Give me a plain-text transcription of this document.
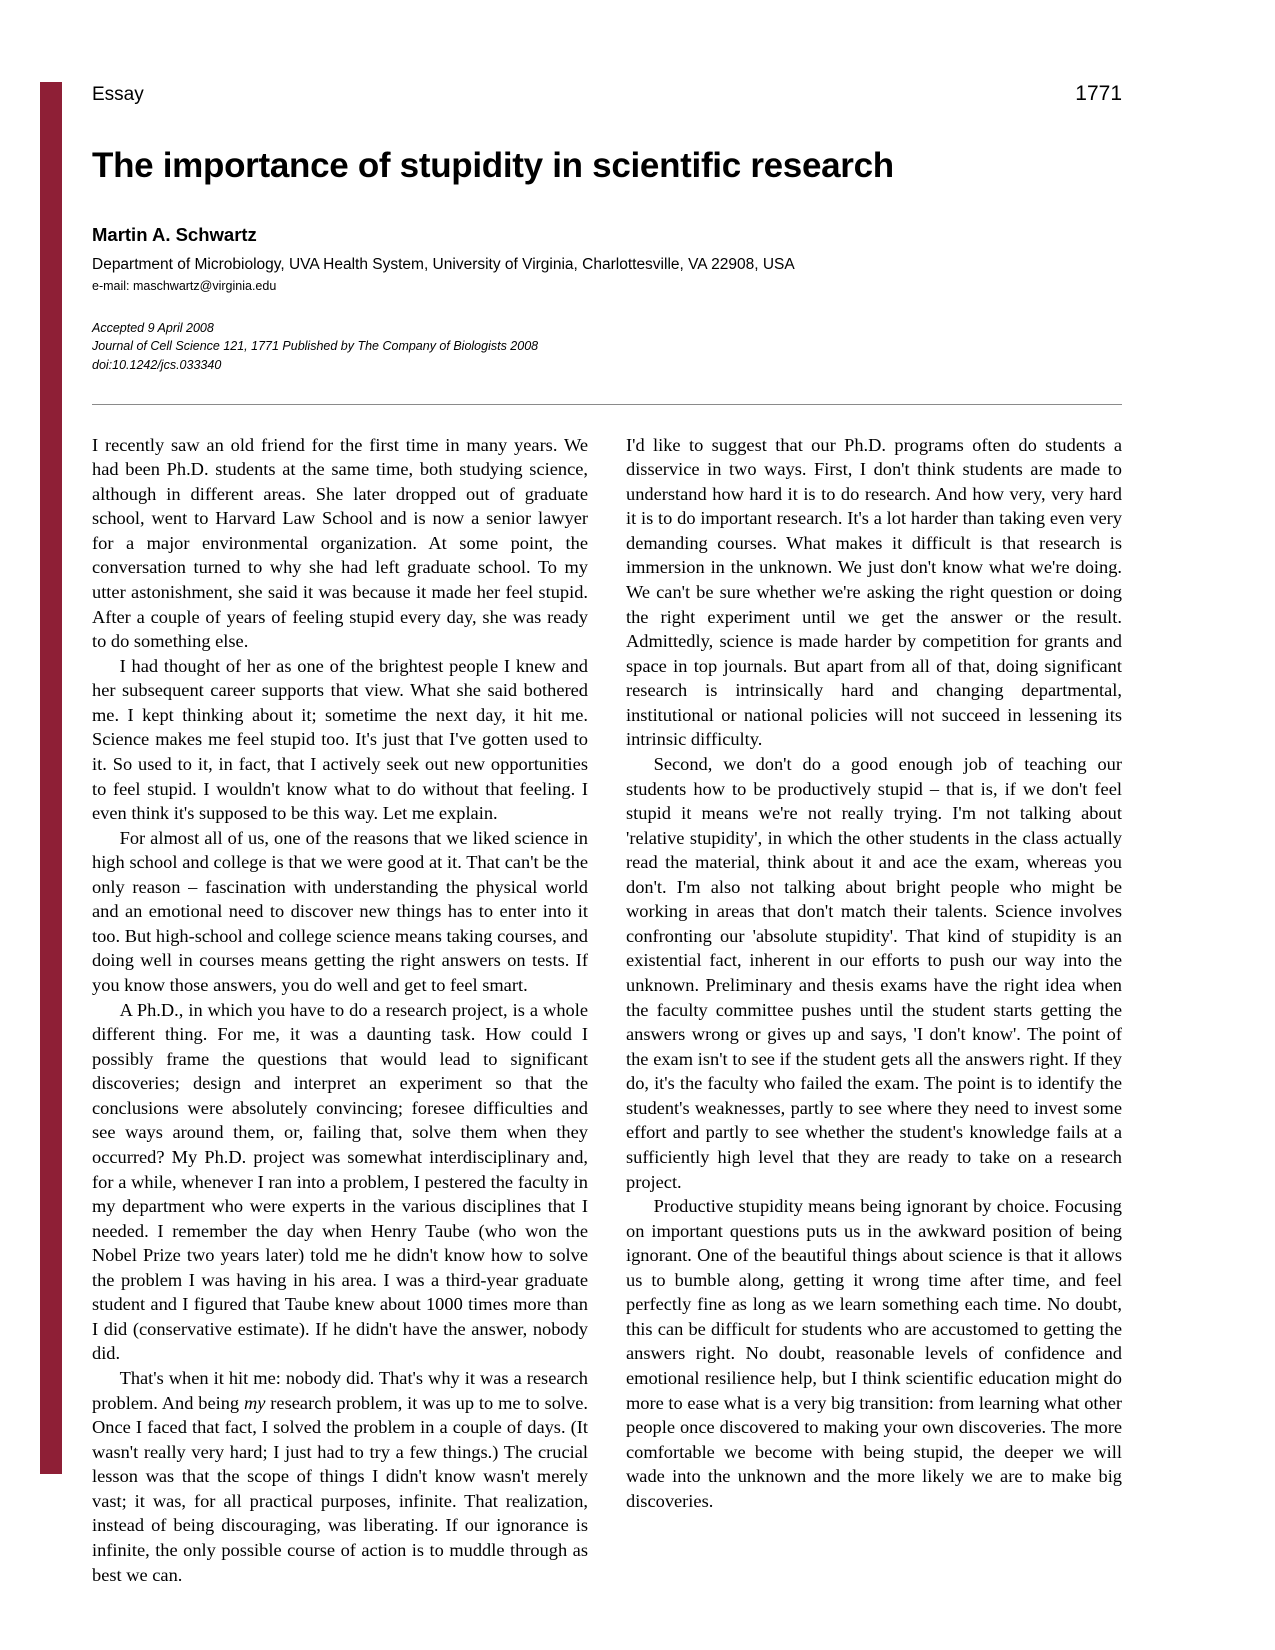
Journal of Cell Science
Essay	1771
The importance of stupidity in scientific research
Martin A. Schwartz
Department of Microbiology, UVA Health System, University of Virginia, Charlottesville, VA 22908, USA
e-mail: maschwartz@virginia.edu
Accepted 9 April 2008
Journal of Cell Science 121, 1771 Published by The Company of Biologists 2008
doi:10.1242/jcs.033340

I recently saw an old friend for the first time in many years. We had been Ph.D. students at the same time, both studying science, although in different areas. She later dropped out of graduate school, went to Harvard Law School and is now a senior lawyer for a major environmental organization. At some point, the conversation turned to why she had left graduate school. To my utter astonishment, she said it was because it made her feel stupid. After a couple of years of feeling stupid every day, she was ready to do something else.

I had thought of her as one of the brightest people I knew and her subsequent career supports that view. What she said bothered me. I kept thinking about it; sometime the next day, it hit me. Science makes me feel stupid too. It's just that I've gotten used to it. So used to it, in fact, that I actively seek out new opportunities to feel stupid. I wouldn't know what to do without that feeling. I even think it's supposed to be this way. Let me explain.

For almost all of us, one of the reasons that we liked science in high school and college is that we were good at it. That can't be the only reason – fascination with understanding the physical world and an emotional need to discover new things has to enter into it too. But high-school and college science means taking courses, and doing well in courses means getting the right answers on tests. If you know those answers, you do well and get to feel smart.

A Ph.D., in which you have to do a research project, is a whole different thing. For me, it was a daunting task. How could I possibly frame the questions that would lead to significant discoveries; design and interpret an experiment so that the conclusions were absolutely convincing; foresee difficulties and see ways around them, or, failing that, solve them when they occurred? My Ph.D. project was somewhat interdisciplinary and, for a while, whenever I ran into a problem, I pestered the faculty in my department who were experts in the various disciplines that I needed. I remember the day when Henry Taube (who won the Nobel Prize two years later) told me he didn't know how to solve the problem I was having in his area. I was a third-year graduate student and I figured that Taube knew about 1000 times more than I did (conservative estimate). If he didn't have the answer, nobody did.

That's when it hit me: nobody did. That's why it was a research problem. And being my research problem, it was up to me to solve. Once I faced that fact, I solved the problem in a couple of days. (It wasn't really very hard; I just had to try a few things.) The crucial lesson was that the scope of things I didn't know wasn't merely vast; it was, for all practical purposes, infinite. That realization, instead of being discouraging, was liberating. If our ignorance is infinite, the only possible course of action is to muddle through as best we can.

I'd like to suggest that our Ph.D. programs often do students a disservice in two ways. First, I don't think students are made to understand how hard it is to do research. And how very, very hard it is to do important research. It's a lot harder than taking even very demanding courses. What makes it difficult is that research is immersion in the unknown. We just don't know what we're doing. We can't be sure whether we're asking the right question or doing the right experiment until we get the answer or the result. Admittedly, science is made harder by competition for grants and space in top journals. But apart from all of that, doing significant research is intrinsically hard and changing departmental, institutional or national policies will not succeed in lessening its intrinsic difficulty.

Second, we don't do a good enough job of teaching our students how to be productively stupid – that is, if we don't feel stupid it means we're not really trying. I'm not talking about 'relative stupidity', in which the other students in the class actually read the material, think about it and ace the exam, whereas you don't. I'm also not talking about bright people who might be working in areas that don't match their talents. Science involves confronting our 'absolute stupidity'. That kind of stupidity is an existential fact, inherent in our efforts to push our way into the unknown. Preliminary and thesis exams have the right idea when the faculty committee pushes until the student starts getting the answers wrong or gives up and says, 'I don't know'. The point of the exam isn't to see if the student gets all the answers right. If they do, it's the faculty who failed the exam. The point is to identify the student's weaknesses, partly to see where they need to invest some effort and partly to see whether the student's knowledge fails at a sufficiently high level that they are ready to take on a research project.

Productive stupidity means being ignorant by choice. Focusing on important questions puts us in the awkward position of being ignorant. One of the beautiful things about science is that it allows us to bumble along, getting it wrong time after time, and feel perfectly fine as long as we learn something each time. No doubt, this can be difficult for students who are accustomed to getting the answers right. No doubt, reasonable levels of confidence and emotional resilience help, but I think scientific education might do more to ease what is a very big transition: from learning what other people once discovered to making your own discoveries. The more comfortable we become with being stupid, the deeper we will wade into the unknown and the more likely we are to make big discoveries.
